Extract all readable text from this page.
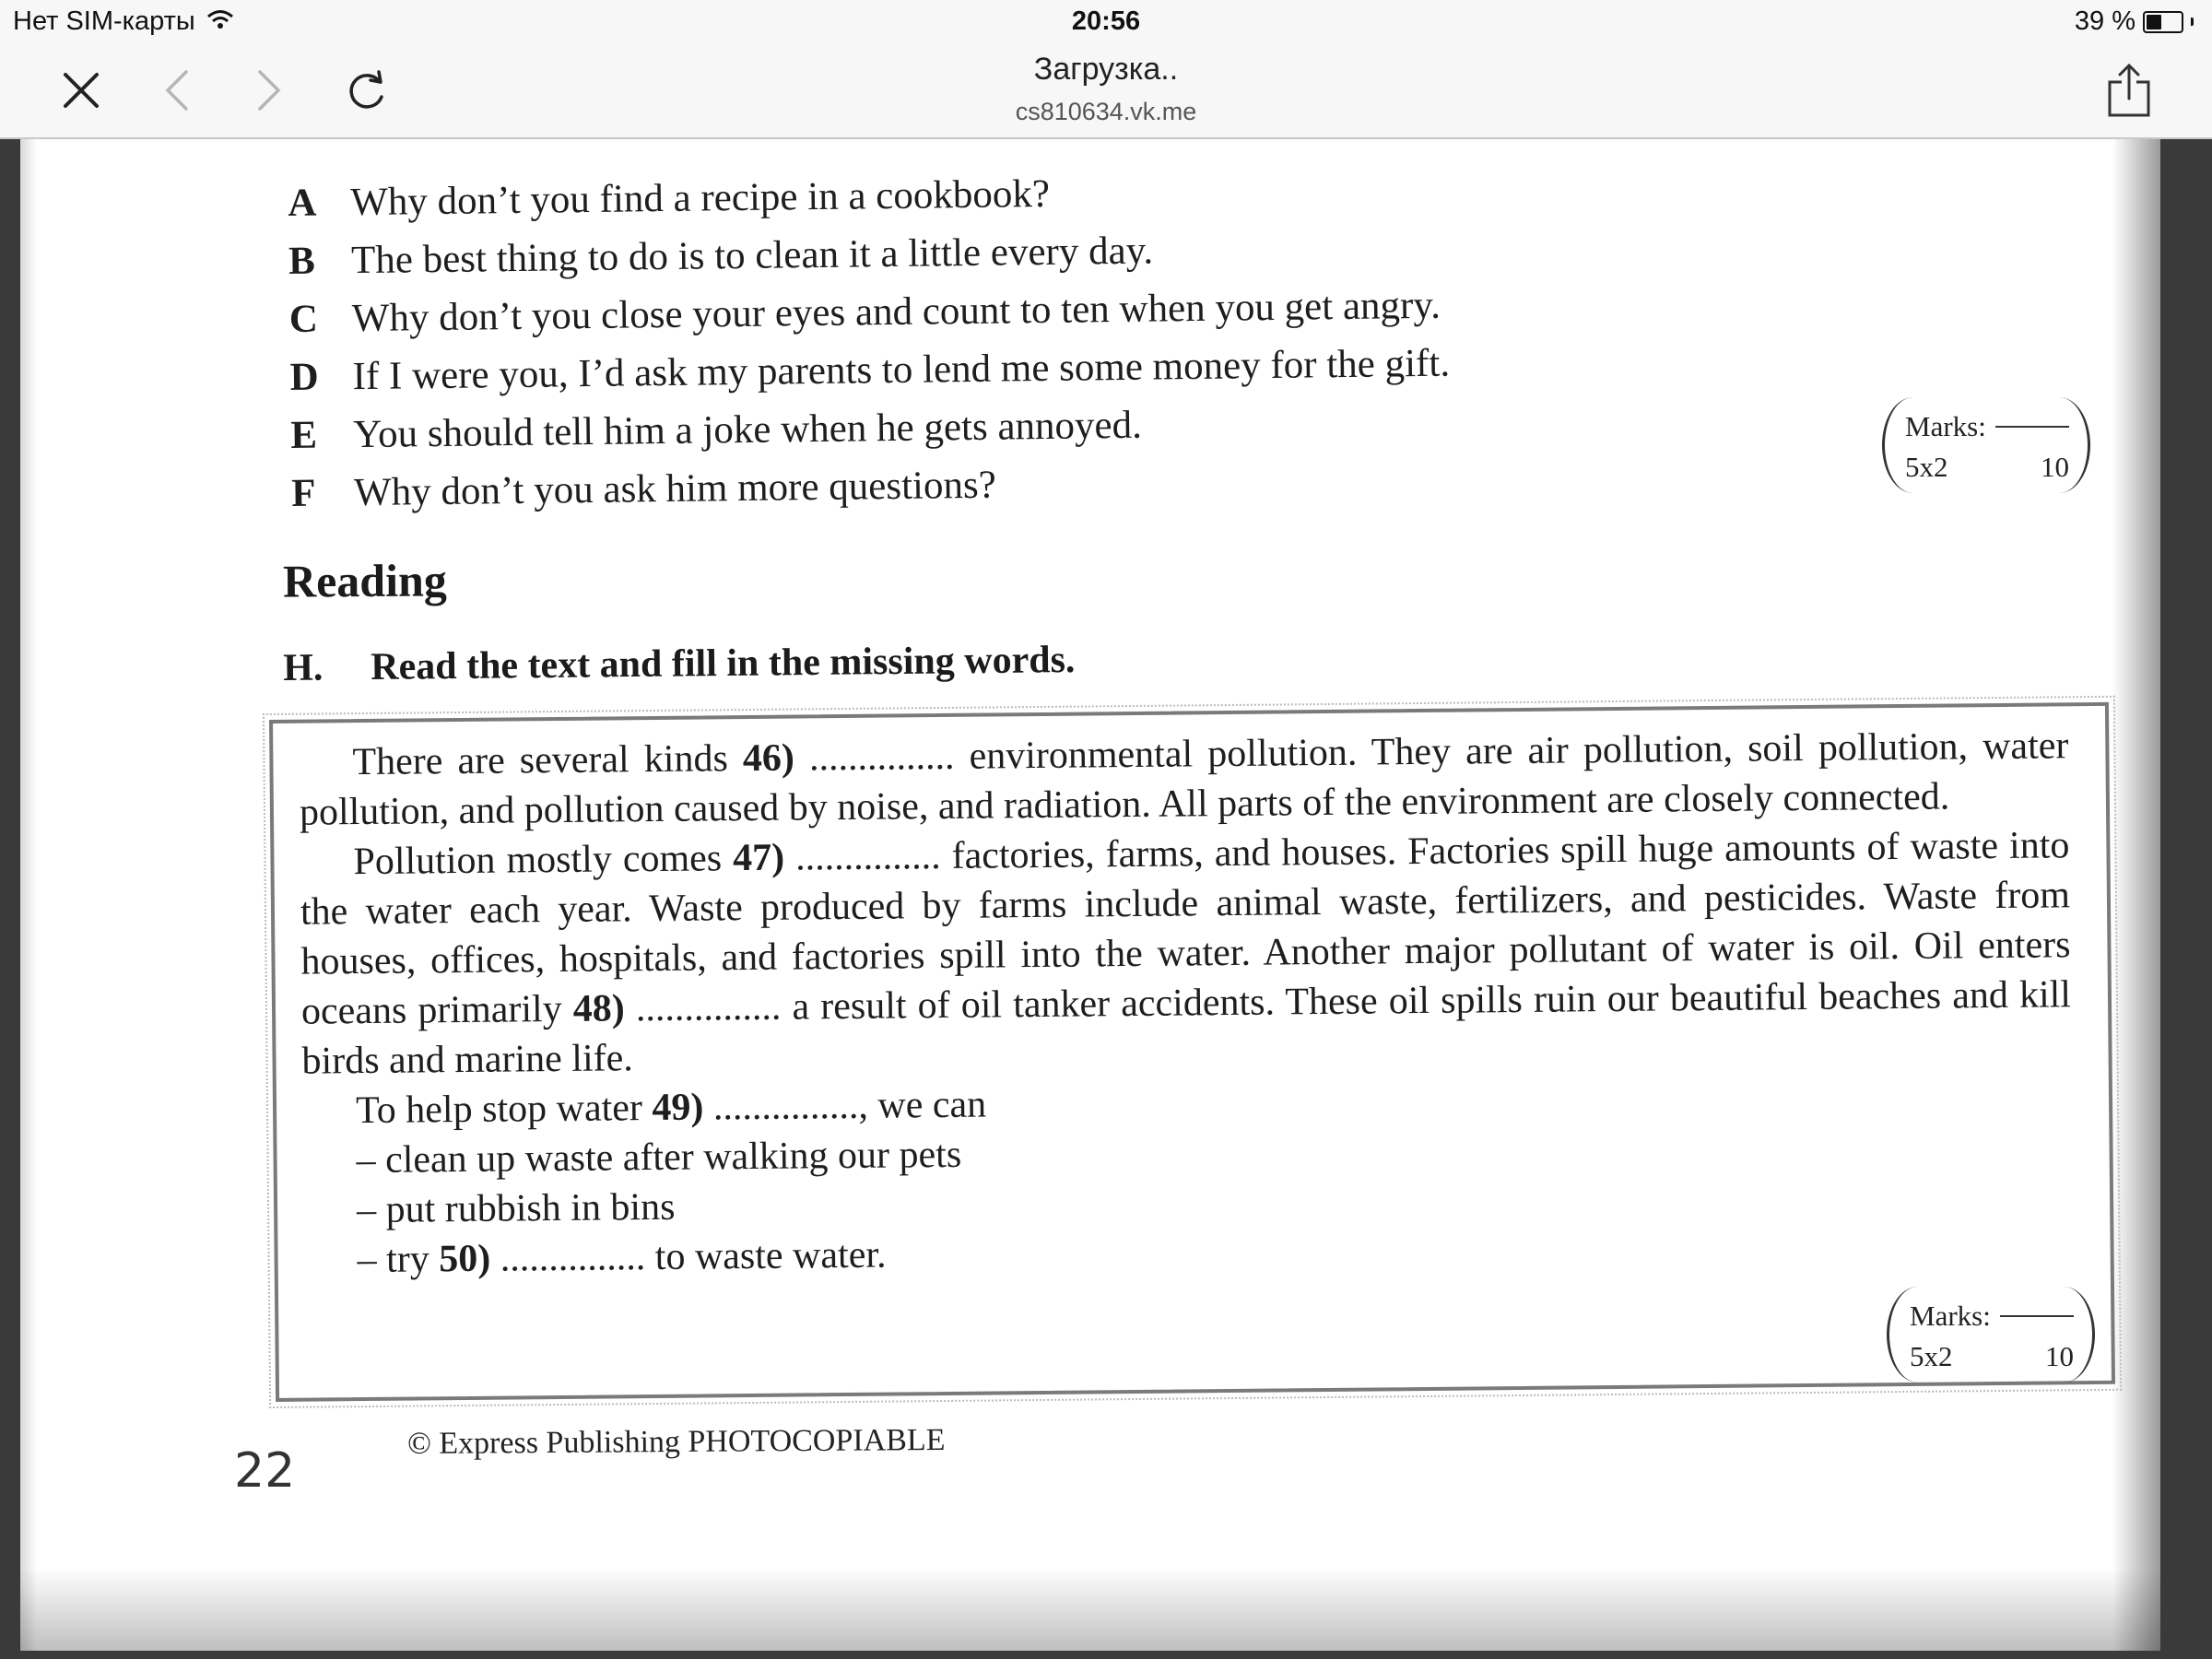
Нет SIM-карты	20:56	39 %
Загрузка..
cs810634.vk.me
A Why don’t you find a recipe in a cookbook?
B The best thing to do is to clean it a little every day.
C Why don’t you close your eyes and count to ten when you get angry.
D If I were you, I’d ask my parents to lend me some money for the gift.
E You should tell him a joke when he gets annoyed.
F Why don’t you ask him more questions?
Marks:
5x2	10
Reading
H. Read the text and fill in the missing words.

There are several kinds 46) ............... environmental pollution. They are air pollution, soil pollution, water pollution, and pollution caused by noise, and radiation. All parts of the environment are closely connected.

Pollution mostly comes 47) ............... factories, farms, and houses. Factories spill huge amounts of waste into the water each year. Waste produced by farms include animal waste, fertilizers, and pesticides. Waste from houses, offices, hospitals, and factories spill into the water. Another major pollutant of water is oil. Oil enters oceans primarily 48) ............... a result of oil tanker accidents. These oil spills ruin our beautiful beaches and kill birds and marine life.

To help stop water 49) ..............., we can

– clean up waste after walking our pets

– put rubbish in bins

– try 50) ............... to waste water.

Marks:
5x2	10
22
© Express Publishing PHOTOCOPIABLE
